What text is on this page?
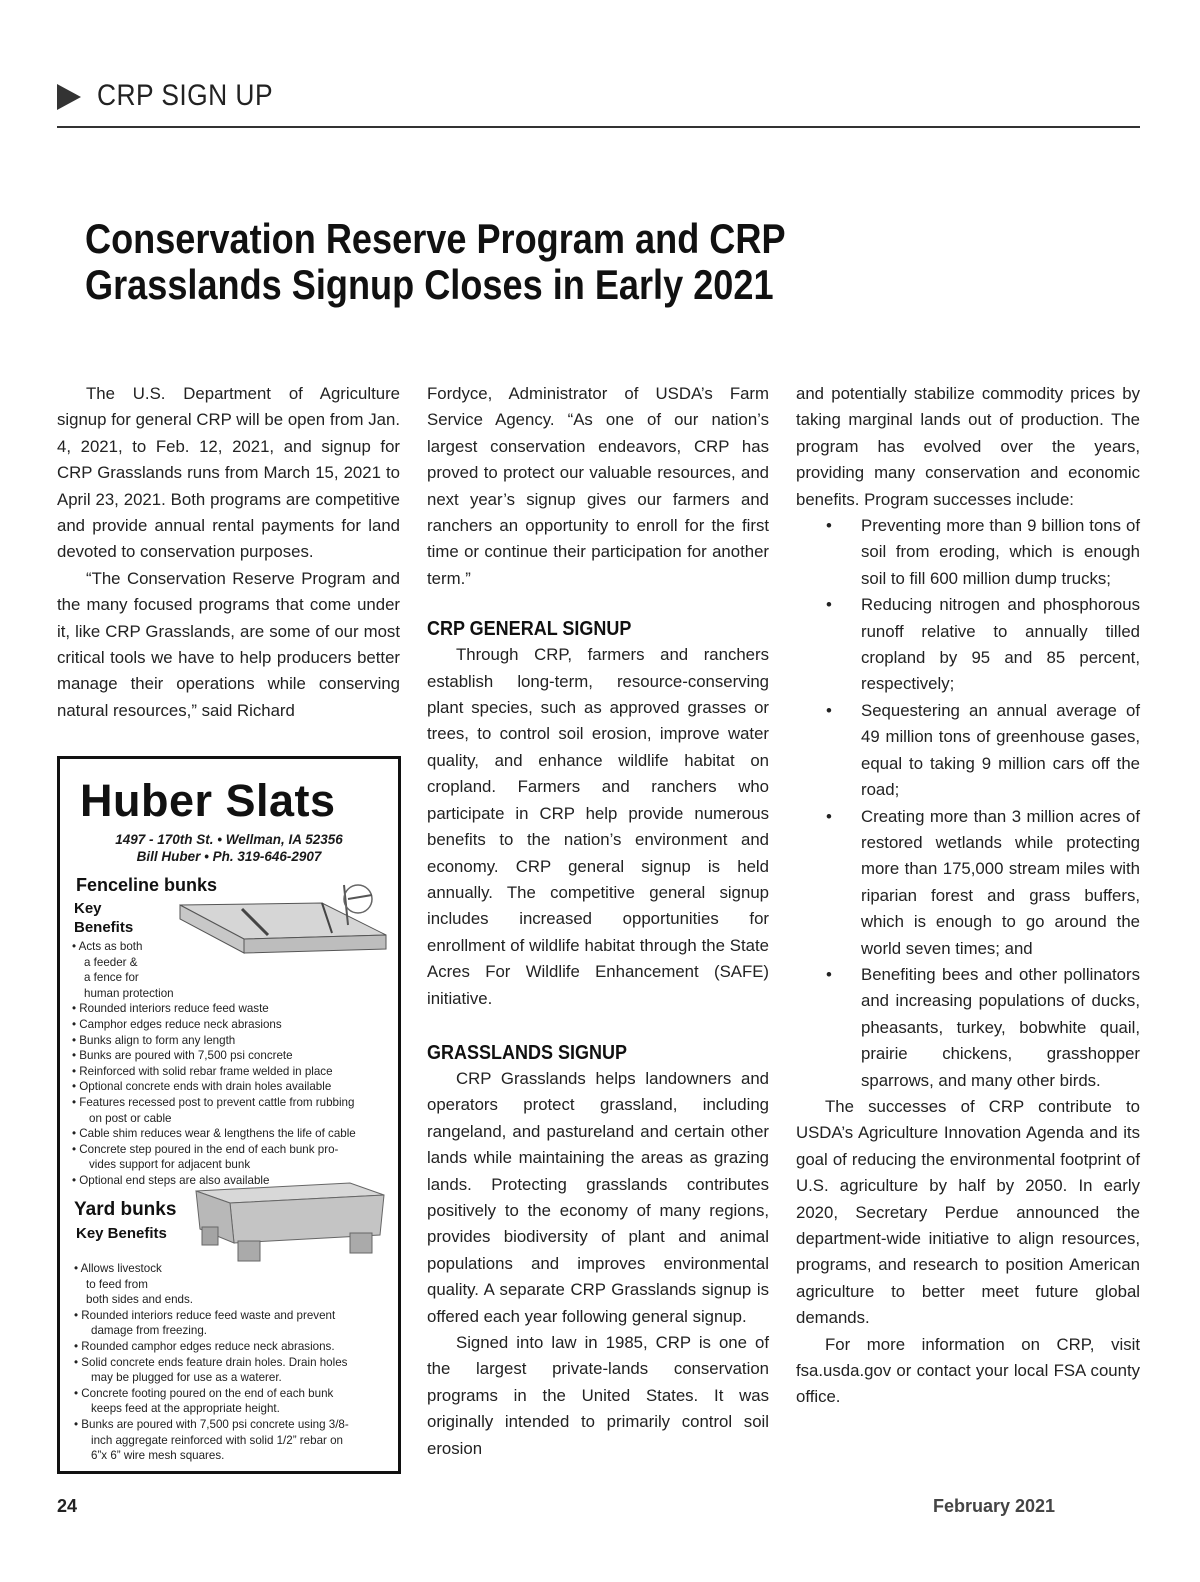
CRP SIGN UP
Conservation Reserve Program and CRP
Grasslands Signup Closes in Early 2021

The U.S. Department of Agriculture signup for general CRP will be open from Jan. 4, 2021, to Feb. 12, 2021, and signup for CRP Grasslands runs from March 15, 2021 to April 23, 2021. Both programs are competitive and provide annual rental payments for land devoted to conservation purposes.

“The Conservation Reserve Program and the many focused programs that come under it, like CRP Grasslands, are some of our most critical tools we have to help producers better manage their operations while conserving natural resources,” said Richard

Huber Slats
1497 - 170th St. • Wellman, IA 52356
Bill Huber • Ph. 319-646-2907
Fenceline bunks
Key
Benefits
• Acts as both
a feeder &
a fence for
human protection
• Rounded interiors reduce feed waste
• Camphor edges reduce neck abrasions
• Bunks align to form any length
• Bunks are poured with 7,500 psi concrete
• Reinforced with solid rebar frame welded in place
• Optional concrete ends with drain holes available
• Features recessed post to prevent cattle from rubbing
on post or cable
• Cable shim reduces wear & lengthens the life of cable
• Concrete step poured in the end of each bunk pro-
vides support for adjacent bunk
• Optional end steps are also available
Yard bunks
Key Benefits
• Allows livestock
to feed from
both sides and ends.
• Rounded interiors reduce feed waste and prevent
damage from freezing.
• Rounded camphor edges reduce neck abrasions.
• Solid concrete ends feature drain holes. Drain holes
may be plugged for use as a waterer.
• Concrete footing poured on the end of each bunk
keeps feed at the appropriate height.
• Bunks are poured with 7,500 psi concrete using 3/8-
inch aggregate reinforced with solid 1/2” rebar on
6”x 6” wire mesh squares.

Fordyce, Administrator of USDA’s Farm Service Agency. “As one of our nation’s largest conservation endeavors, CRP has proved to protect our valuable resources, and next year’s signup gives our farmers and ranchers an opportunity to enroll for the first time or continue their participation for another term.”

CRP GENERAL SIGNUP

Through CRP, farmers and ranchers establish long-term, resource-conserving plant species, such as approved grasses or trees, to control soil erosion, improve water quality, and enhance wildlife habitat on cropland. Farmers and ranchers who participate in CRP help provide numerous benefits to the nation’s environment and economy. CRP general signup is held annually. The competitive general signup includes increased opportunities for enrollment of wildlife habitat through the State Acres For Wildlife Enhancement (SAFE) initiative.

GRASSLANDS SIGNUP

CRP Grasslands helps landowners and operators protect grassland, including rangeland, and pastureland and certain other lands while maintaining the areas as grazing lands. Protecting grasslands contributes positively to the economy of many regions, provides biodiversity of plant and animal populations and improves environmental quality. A separate CRP Grasslands signup is offered each year following general signup.

Signed into law in 1985, CRP is one of the largest private-lands conservation programs in the United States. It was originally intended to primarily control soil erosion

and potentially stabilize commodity prices by taking marginal lands out of production. The program has evolved over the years, providing many conservation and economic benefits. Program successes include:

• Preventing more than 9 billion tons of soil from eroding, which is enough soil to fill 600 million dump trucks;
• Reducing nitrogen and phosphorous runoff relative to annually tilled cropland by 95 and 85 percent, respectively;
• Sequestering an annual average of 49 million tons of greenhouse gases, equal to taking 9 million cars off the road;
• Creating more than 3 million acres of restored wetlands while protecting more than 175,000 stream miles with riparian forest and grass buffers, which is enough to go around the world seven times; and
• Benefiting bees and other pollinators and increasing populations of ducks, pheasants, turkey, bobwhite quail, prairie chickens, grasshopper sparrows, and many other birds.

The successes of CRP contribute to USDA’s Agriculture Innovation Agenda and its goal of reducing the environmental footprint of U.S. agriculture by half by 2050. In early 2020, Secretary Perdue announced the department-wide initiative to align resources, programs, and research to position American agriculture to better meet future global demands.

For more information on CRP, visit fsa.usda.gov or contact your local FSA county office.

24	February 2021
